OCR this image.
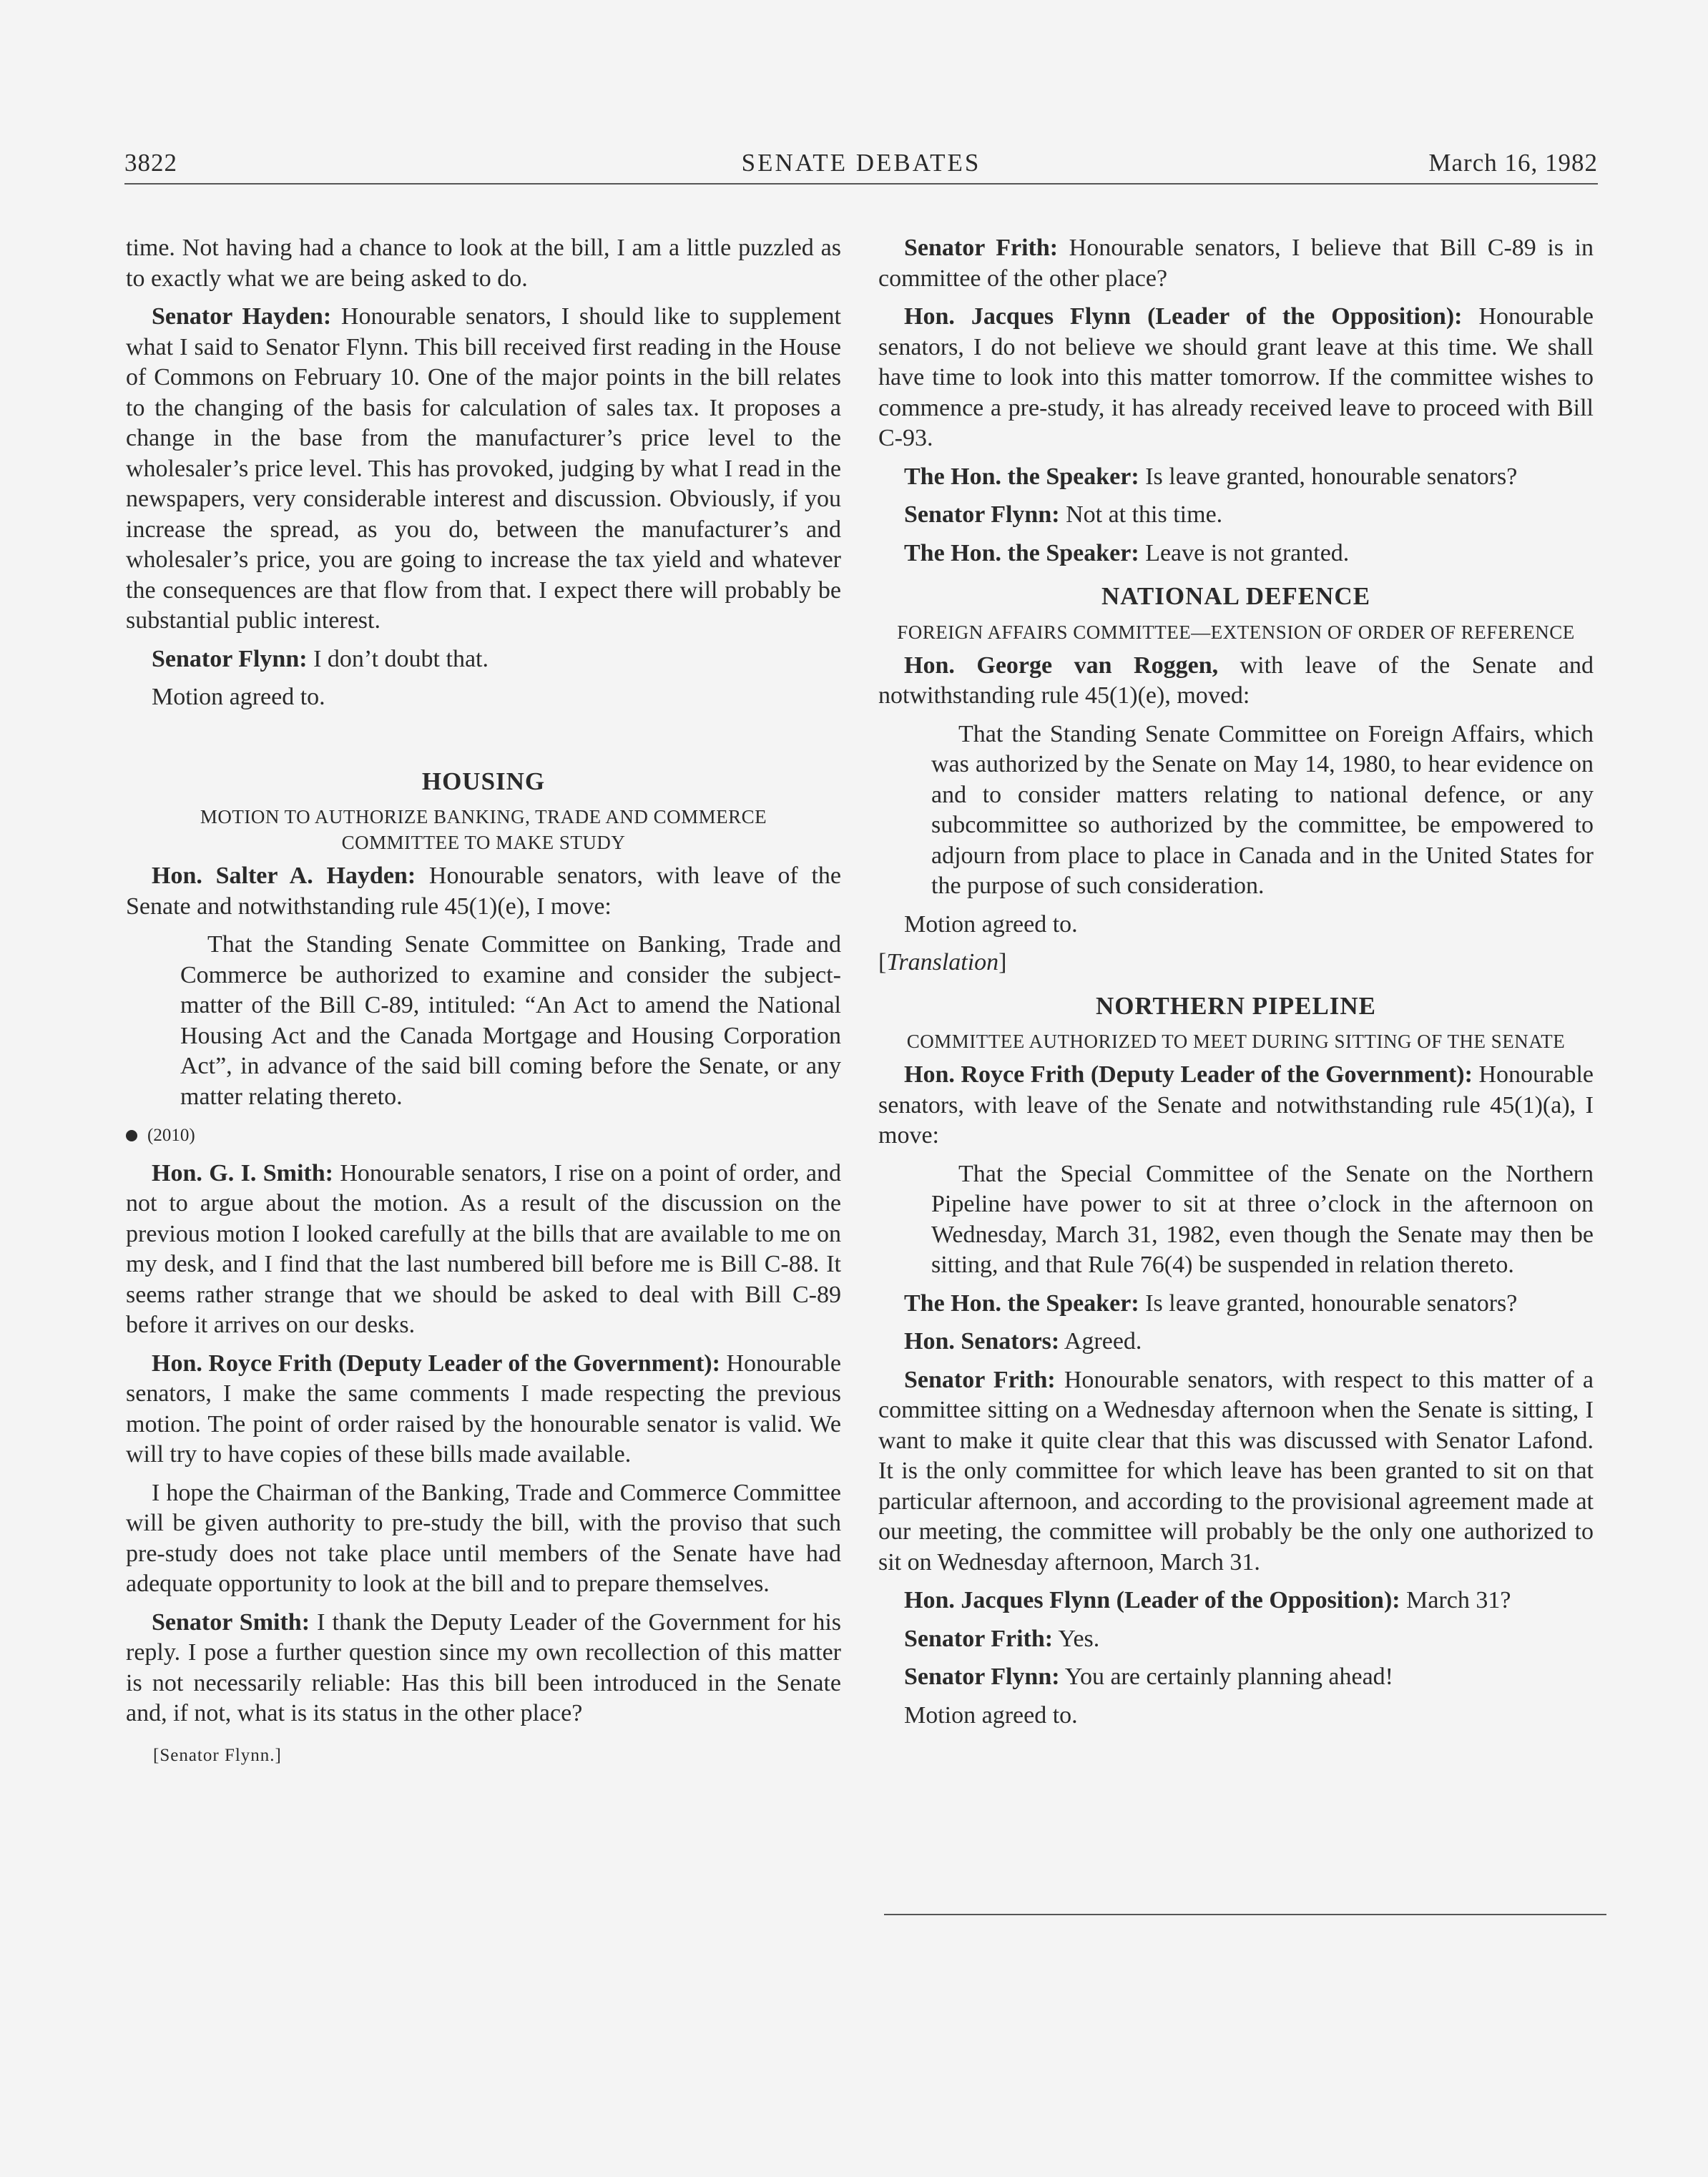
3822	SENATE DEBATES	March 16, 1982

time. Not having had a chance to look at the bill, I am a little puzzled as to exactly what we are being asked to do.

Senator Hayden: Honourable senators, I should like to supplement what I said to Senator Flynn. This bill received first reading in the House of Commons on February 10. One of the major points in the bill relates to the changing of the basis for calculation of sales tax. It proposes a change in the base from the manufacturer’s price level to the wholesaler’s price level. This has provoked, judging by what I read in the newspapers, very considerable interest and discussion. Obviously, if you increase the spread, as you do, between the manufacturer’s and wholesaler’s price, you are going to increase the tax yield and whatever the consequences are that flow from that. I expect there will probably be substantial public interest.

Senator Flynn: I don’t doubt that.

Motion agreed to.

HOUSING
MOTION TO AUTHORIZE BANKING, TRADE AND COMMERCE COMMITTEE TO MAKE STUDY

Hon. Salter A. Hayden: Honourable senators, with leave of the Senate and notwithstanding rule 45(1)(e), I move:

That the Standing Senate Committee on Banking, Trade and Commerce be authorized to examine and consider the subject-matter of the Bill C-89, intituled: “An Act to amend the National Housing Act and the Canada Mortgage and Housing Corporation Act”, in advance of the said bill coming before the Senate, or any matter relating thereto.

(2010)

Hon. G. I. Smith: Honourable senators, I rise on a point of order, and not to argue about the motion. As a result of the discussion on the previous motion I looked carefully at the bills that are available to me on my desk, and I find that the last numbered bill before me is Bill C-88. It seems rather strange that we should be asked to deal with Bill C-89 before it arrives on our desks.

Hon. Royce Frith (Deputy Leader of the Government): Honourable senators, I make the same comments I made respecting the previous motion. The point of order raised by the honourable senator is valid. We will try to have copies of these bills made available.

I hope the Chairman of the Banking, Trade and Commerce Committee will be given authority to pre-study the bill, with the proviso that such pre-study does not take place until members of the Senate have had adequate opportunity to look at the bill and to prepare themselves.

Senator Smith: I thank the Deputy Leader of the Government for his reply. I pose a further question since my own recollection of this matter is not necessarily reliable: Has this bill been introduced in the Senate and, if not, what is its status in the other place?

[Senator Flynn.]

Senator Frith: Honourable senators, I believe that Bill C-89 is in committee of the other place?

Hon. Jacques Flynn (Leader of the Opposition): Honourable senators, I do not believe we should grant leave at this time. We shall have time to look into this matter tomorrow. If the committee wishes to commence a pre-study, it has already received leave to proceed with Bill C-93.

The Hon. the Speaker: Is leave granted, honourable senators?

Senator Flynn: Not at this time.

The Hon. the Speaker: Leave is not granted.

NATIONAL DEFENCE
FOREIGN AFFAIRS COMMITTEE—EXTENSION OF ORDER OF REFERENCE

Hon. George van Roggen, with leave of the Senate and notwithstanding rule 45(1)(e), moved:

That the Standing Senate Committee on Foreign Affairs, which was authorized by the Senate on May 14, 1980, to hear evidence on and to consider matters relating to national defence, or any subcommittee so authorized by the committee, be empowered to adjourn from place to place in Canada and in the United States for the purpose of such consideration.

Motion agreed to.

[Translation]

NORTHERN PIPELINE
COMMITTEE AUTHORIZED TO MEET DURING SITTING OF THE SENATE

Hon. Royce Frith (Deputy Leader of the Government): Honourable senators, with leave of the Senate and notwithstanding rule 45(1)(a), I move:

That the Special Committee of the Senate on the Northern Pipeline have power to sit at three o’clock in the afternoon on Wednesday, March 31, 1982, even though the Senate may then be sitting, and that Rule 76(4) be suspended in relation thereto.

The Hon. the Speaker: Is leave granted, honourable senators?

Hon. Senators: Agreed.

Senator Frith: Honourable senators, with respect to this matter of a committee sitting on a Wednesday afternoon when the Senate is sitting, I want to make it quite clear that this was discussed with Senator Lafond. It is the only committee for which leave has been granted to sit on that particular afternoon, and according to the provisional agreement made at our meeting, the committee will probably be the only one authorized to sit on Wednesday afternoon, March 31.

Hon. Jacques Flynn (Leader of the Opposition): March 31?

Senator Frith: Yes.

Senator Flynn: You are certainly planning ahead!

Motion agreed to.
